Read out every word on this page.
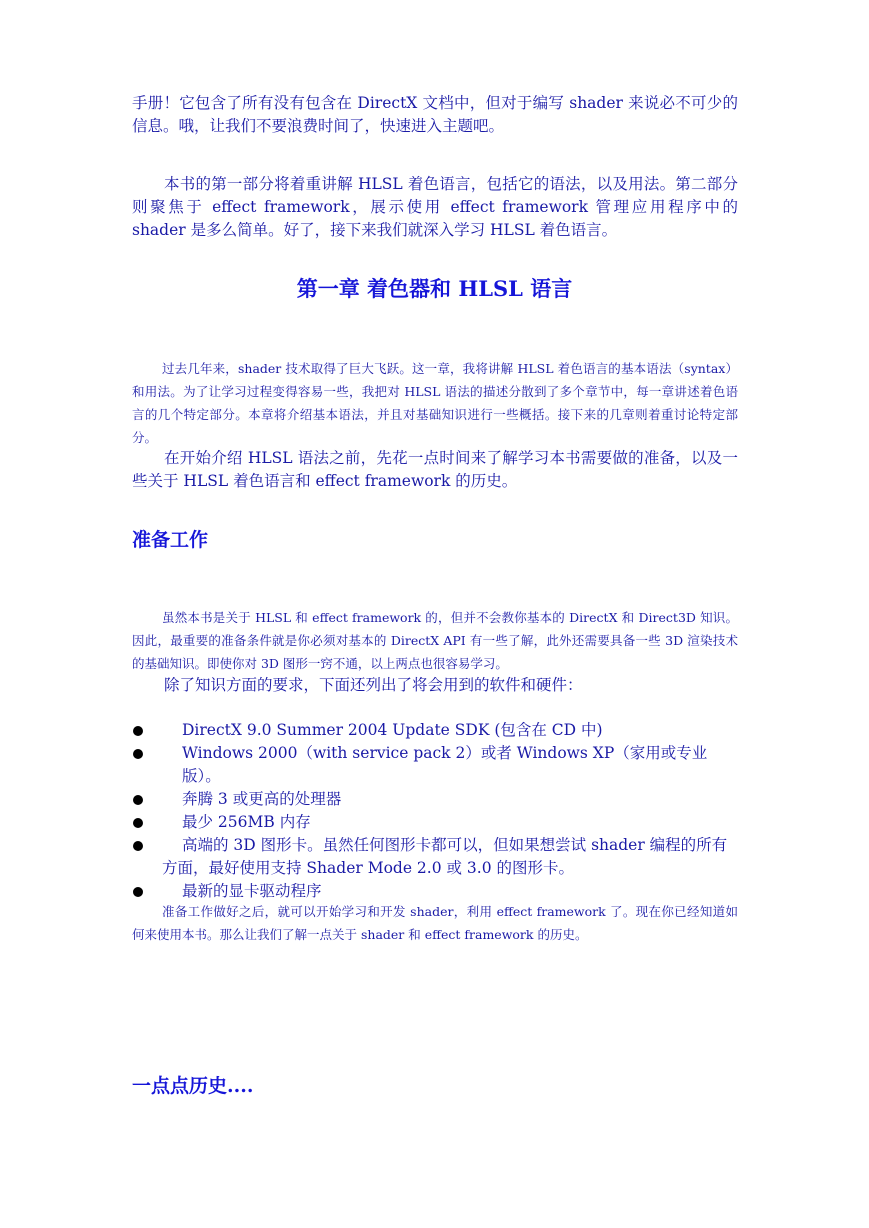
手册！它包含了所有没有包含在 DirectX 文档中，但对于编写 shader 来说必不可少的信息。哦，让我们不要浪费时间了，快速进入主题吧。

本书的第一部分将着重讲解 HLSL 着色语言，包括它的语法，以及用法。第二部分则聚焦于 effect framework，展示使用 effect framework 管理应用程序中的 shader 是多么简单。好了，接下来我们就深入学习 HLSL 着色语言。

第一章 着色器和 HLSL 语言

过去几年来，shader 技术取得了巨大飞跃。这一章，我将讲解 HLSL 着色语言的基本语法（syntax）和用法。为了让学习过程变得容易一些，我把对 HLSL 语法的描述分散到了多个章节中，每一章讲述着色语言的几个特定部分。本章将介绍基本语法，并且对基础知识进行一些概括。接下来的几章则着重讨论特定部分。

在开始介绍 HLSL 语法之前，先花一点时间来了解学习本书需要做的准备，以及一些关于 HLSL 着色语言和 effect framework 的历史。

准备工作

虽然本书是关于 HLSL 和 effect framework 的，但并不会教你基本的 DirectX 和 Direct3D 知识。因此，最重要的准备条件就是你必须对基本的 DirectX API 有一些了解，此外还需要具备一些 3D 渲染技术的基础知识。即使你对 3D 图形一窍不通，以上两点也很容易学习。

除了知识方面的要求，下面还列出了将会用到的软件和硬件：

DirectX 9.0 Summer 2004 Update SDK (包含在 CD 中)
Windows 2000（with service pack 2）或者 Windows XP（家用或专业版）。
奔腾 3 或更高的处理器
最少 256MB 内存
高端的 3D 图形卡。虽然任何图形卡都可以，但如果想尝试 shader 编程的所有方面，最好使用支持 Shader Mode 2.0 或 3.0 的图形卡。
最新的显卡驱动程序

准备工作做好之后，就可以开始学习和开发 shader，利用 effect framework 了。现在你已经知道如何来使用本书。那么让我们了解一点关于 shader 和 effect framework 的历史。

一点点历史....
